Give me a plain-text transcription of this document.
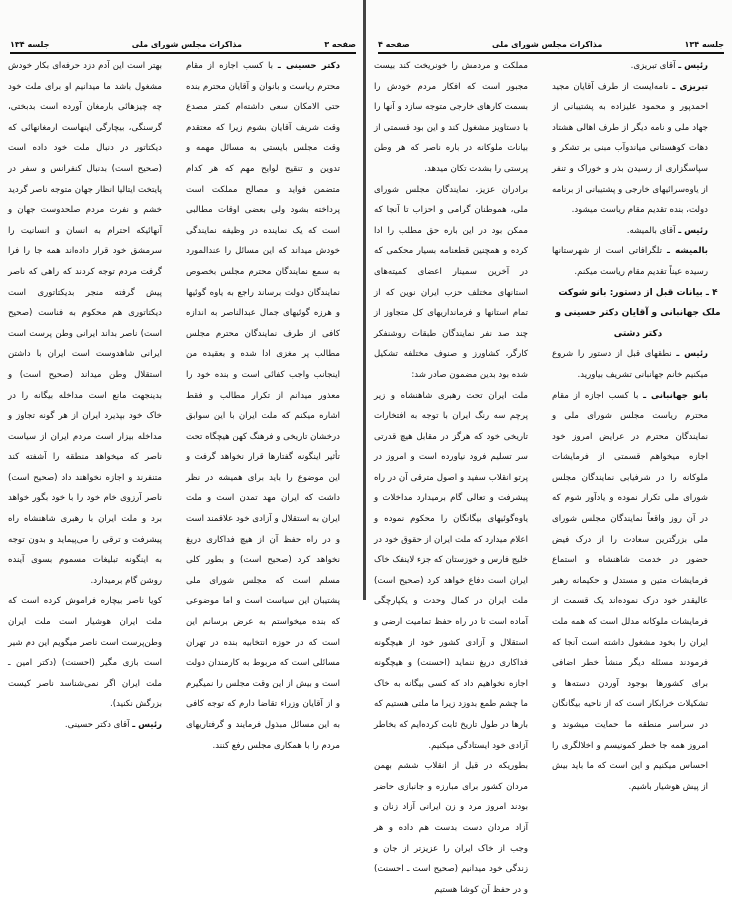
صفحه ۳
مذاکرات مجلس شورای ملی
جلسه ۱۳۴

دکتر حسینی ـ با کسب اجازه از مقام محترم ریاست و بانوان و آقایان محترم بنده حتی الامکان سعی داشته‌ام کمتر مصدع وقت شریف آقایان بشوم زیرا که معتقدم وقت مجلس بایستی به مسائل مهمه و تدوین و تنقیح لوایح مهم که هر کدام متضمن فواید و مصالح مملکت است پرداخته بشود ولی بعضی اوقات مطالبی است که یک نماینده در وظیفه نمایندگی خودش میداند که این مسائل را عندالمورد به سمع نمایندگان محترم مجلس بخصوص نمایندگان دولت برساند راجع به یاوه گوئیها و هرزه گوئیهای جمال عبدالناصر به اندازه کافی از طرف نمایندگان محترم مجلس مطالب پر مغزی ادا شده و بعقیده من اینجانب واجب کفائی است و بنده خود را معذور میدانم از تکرار مطالب و فقط اشاره میکنم که ملت ایران با این سوابق درخشان تاریخی و فرهنگ کهن هیچگاه تحت تأثیر اینگونه گفتارها قرار نخواهد گرفت و این موضوع را باید برای همیشه در نظر داشت که ایران مهد تمدن است و ملت ایران به استقلال و آزادی خود علاقمند است و در راه حفظ آن از هیچ فداکاری دریغ نخواهد کرد (صحیح است) و بطور کلی مسلم است که مجلس شورای ملی پشتیبان این سیاست است و اما موضوعی که بنده میخواستم به عرض برسانم این است که در حوزه انتخابیه بنده در تهران مسائلی است که مربوط به کارمندان دولت است و بیش از این وقت مجلس را نمیگیرم و از آقایان وزراء تقاضا دارم که توجه کافی به این مسائل مبذول فرمایند و گرفتاریهای مردم را با همکاری مجلس رفع کنند.

بهتر است این آدم دزد حرفه‌ای بکار خودش مشغول باشد ما میدانیم او برای ملت خود چه چیزهائی بارمغان آورده است بدبختی، گرسنگی، بیچارگی اینهاست ارمغانهائی که دیکتاتور در دنبال ملت خود داده است (صحیح است) بدنبال کنفرانس و سفر در پایتخت ایتالیا انظار جهان متوجه ناصر گردید خشم و نفرت مردم صلحدوست جهان و آنهائیکه احترام به انسان و انسانیت را سرمشق خود قرار داده‌اند همه جا را فرا گرفت مردم توجه کردند که راهی که ناصر پیش گرفته منجر بدیکتاتوری است دیکتاتوری هم محکوم به فناست (صحیح است) ناصر بداند ایرانی وطن پرست است ایرانی شاهدوست است ایران با داشتن استقلال وطن میداند (صحیح است) و بدینجهت مانع است مداخله بیگانه را در خاک خود بپذیرد ایران از هر گونه تجاوز و مداخله بیزار است مردم ایران از سیاست ناصر که میخواهد منطقه را آشفته کند متنفرند و اجازه نخواهند داد (صحیح است) ناصر آرزوی خام خود را با خود بگور خواهد برد و ملت ایران با رهبری شاهنشاه راه پیشرفت و ترقی را می‌پیماید و بدون توجه به اینگونه تبلیغات مسموم بسوی آینده روشن گام برمیدارد.

کویا ناصر بیچاره فراموش کرده است که ملت ایران هوشیار است ملت ایران وطن‌پرست است ناصر میگویم این دم شیر است بازی مگیر (احسنت) (دکتر امین ـ ملت ایران اگر نمی‌شناسد ناصر کیست بزرگش نکنید).

رئیس ـ آقای دکتر حسینی.

جلسه ۱۳۴
مذاکرات مجلس شورای ملی
صفحه ۴

رئیس ـ آقای تبریزی.

تبریزی ـ نامه‌ایست از طرف آقایان مجید احمدپور و محمود علیزاده به پشتیبانی از جهاد ملی و نامه دیگر از طرف اهالی هشتاد دهات کوهستانی میاندوآب مبنی بر تشکر و سپاسگزاری از رسیدن بذر و خوراک و تنفر از یاوه‌سرائیهای خارجی و پشتیبانی از برنامه دولت، بنده تقدیم مقام ریاست میشود.

رئیس ـ آقای بالمیشه.

بالمیشه ـ تلگرافاتی است از شهرستانها رسیده عیناً تقدیم مقام ریاست میکنم.

۴ ـ بیانات قبل از دستور: بانو شوکت ملک جهانبانی و آقایان دکتر حسینی و دکتر دشتی

رئیس ـ نطقهای قبل از دستور را شروع میکنیم خانم جهانبانی تشریف بیاورید.

بانو جهانبانی ـ با کسب اجازه از مقام محترم ریاست مجلس شورای ملی و نمایندگان محترم در عرایض امروز خود اجازه میخواهم قسمتی از فرمایشات ملوکانه را در شرفیابی نمایندگان مجلس شورای ملی تکرار نموده و یادآور شوم که در آن روز واقعاً نمایندگان مجلس شورای ملی بزرگترین سعادت را از درک فیض حضور در خدمت شاهنشاه و استماع فرمایشات متین و مستدل و حکیمانه رهبر عالیقدر خود درک نموده‌اند یک قسمت از فرمایشات ملوکانه مدلل است که همه ملت ایران را بخود مشغول داشته است آنجا که فرمودند مسئله دیگر منشأ خطر اضافی برای کشورها بوجود آوردن دسته‌ها و تشکیلات خرابکار است که از ناحیه بیگانگان در سراسر منطقه ما حمایت میشوند و امروز همه جا خطر کمونیسم و اخلالگری را احساس میکنیم و این است که ما باید بیش از پیش هوشیار باشیم.

مملکت و مردمش را خونریخت کند بیست مجبور است که افکار مردم خودش را بسمت کارهای خارجی متوجه سازد و آنها را با دستاویز مشغول کند و این بود قسمتی از بیانات ملوکانه در باره ناصر که هر وطن پرستی را بشدت تکان میدهد.

برادران عزیز، نمایندگان مجلس شورای ملی، هموطنان گرامی و احزاب تا آنجا که ممکن بود در این باره حق مطلب را ادا کرده و همچنین قطعنامه بسیار محکمی که در آخرین سمینار اعضای کمیته‌های استانهای مختلف حزب ایران نوین که از تمام استانها و فرمانداریهای کل متجاوز از چند صد نفر نمایندگان طبقات روشنفکر کارگر، کشاورز و صنوف مختلفه تشکیل شده بود بدین مضمون صادر شد:

ملت ایران تحت رهبری شاهنشاه و زیر پرچم سه رنگ ایران با توجه به افتخارات تاریخی خود که هرگز در مقابل هیچ قدرتی سر تسلیم فرود نیاورده است و امروز در پرتو انقلاب سفید و اصول مترقی آن در راه پیشرفت و تعالی گام برمیدارد مداخلات و یاوه‌گوئیهای بیگانگان را محکوم نموده و اعلام میدارد که ملت ایران از حقوق خود در خلیج فارس و خوزستان که جزء لاینفک خاک ایران است دفاع خواهد کرد (صحیح است) ملت ایران در کمال وحدت و یکپارچگی آماده است تا در راه حفظ تمامیت ارضی و استقلال و آزادی کشور خود از هیچگونه فداکاری دریغ ننماید (احسنت) و هیچگونه اجازه نخواهیم داد که کسی بیگانه به خاک ما چشم طمع بدوزد زیرا ما ملتی هستیم که بارها در طول تاریخ ثابت کرده‌ایم که بخاطر آزادی خود ایستادگی میکنیم.

بطوریکه در قبل از انقلاب ششم بهمن مردان کشور برای مبارزه و جانبازی حاضر بودند امروز مرد و زن ایرانی آزاد زنان و آزاد مردان دست بدست هم داده و هر وجب از خاک ایران را عزیزتر از جان و زندگی خود میدانیم (صحیح است ـ احسنت) و در حفظ آن کوشا هستیم
